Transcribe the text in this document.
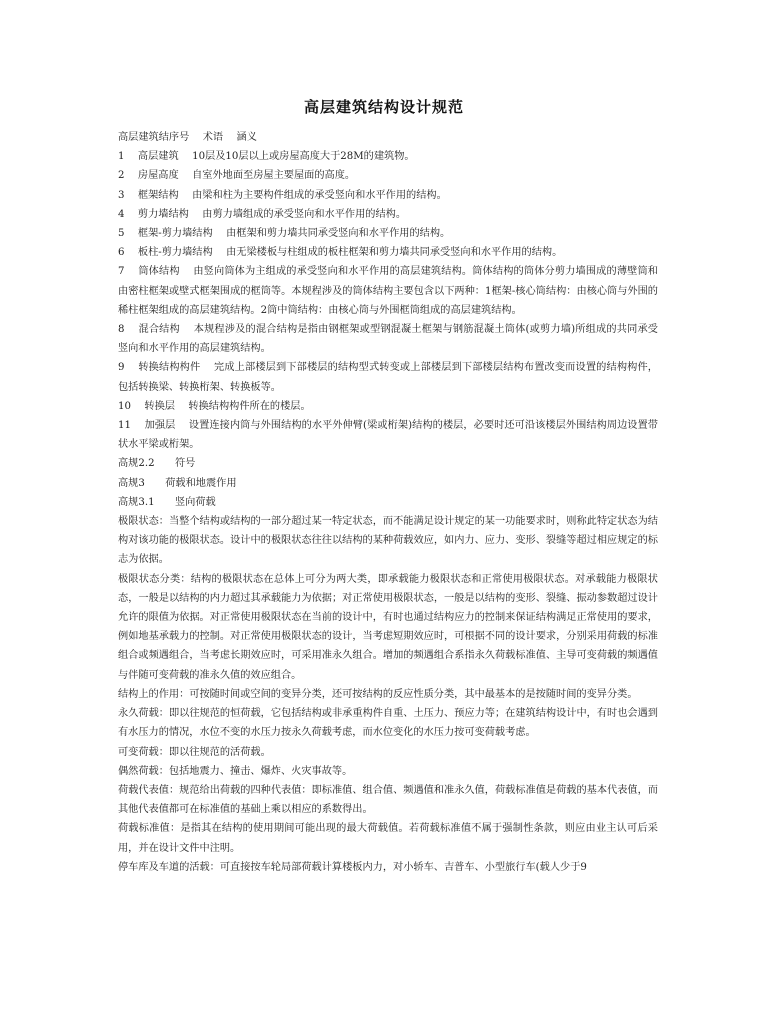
高层建筑结构设计规范

高层建筑结序号　 术语　 涵义

1　 高层建筑　 10层及10层以上或房屋高度大于28M的建筑物。

2　 房屋高度　 自室外地面至房屋主要屋面的高度。

3　 框架结构　 由梁和柱为主要构件组成的承受竖向和水平作用的结构。

4　 剪力墙结构　 由剪力墙组成的承受竖向和水平作用的结构。

5　 框架-剪力墙结构　 由框架和剪力墙共同承受竖向和水平作用的结构。

6　 板柱-剪力墙结构　 由无梁楼板与柱组成的板柱框架和剪力墙共同承受竖向和水平作用的结构。

7　 筒体结构　 由竖向筒体为主组成的承受竖向和水平作用的高层建筑结构。筒体结构的筒体分剪力墙围成的薄壁筒和由密柱框架或壁式框架围成的框筒等。本规程涉及的筒体结构主要包含以下两种：1框架-核心筒结构：由核心筒与外围的稀柱框架组成的高层建筑结构。2筒中筒结构：由核心筒与外围框筒组成的高层建筑结构。

8　 混合结构　 本规程涉及的混合结构是指由钢框架或型钢混凝土框架与钢筋混凝土筒体(或剪力墙)所组成的共同承受竖向和水平作用的高层建筑结构。

9　 转换结构构件　 完成上部楼层到下部楼层的结构型式转变或上部楼层到下部楼层结构布置改变而设置的结构构件，包括转换梁、转换桁架、转换板等。

10　 转换层　 转换结构构件所在的楼层。

11　 加强层　 设置连接内筒与外围结构的水平外伸臂(梁或桁架)结构的楼层，必要时还可沿该楼层外围结构周边设置带状水平梁或桁架。

高规2.2　　符号

高规3　　荷载和地震作用

高规3.1　　竖向荷载

极限状态：当整个结构或结构的一部分超过某一特定状态，而不能满足设计规定的某一功能要求时，则称此特定状态为结构对该功能的极限状态。设计中的极限状态往往以结构的某种荷载效应，如内力、应力、变形、裂缝等超过相应规定的标志为依据。

极限状态分类：结构的极限状态在总体上可分为两大类，即承载能力极限状态和正常使用极限状态。对承载能力极限状态，一般是以结构的内力超过其承载能力为依据；对正常使用极限状态，一般是以结构的变形、裂缝、振动参数超过设计允许的限值为依据。对正常使用极限状态在当前的设计中，有时也通过结构应力的控制来保证结构满足正常使用的要求，例如地基承载力的控制。对正常使用极限状态的设计，当考虑短期效应时，可根据不同的设计要求，分别采用荷载的标准组合或频遇组合，当考虑长期效应时，可采用准永久组合。增加的频遇组合系指永久荷载标准值、主导可变荷载的频遇值与伴随可变荷载的准永久值的效应组合。

结构上的作用：可按随时间或空间的变异分类，还可按结构的反应性质分类，其中最基本的是按随时间的变异分类。

永久荷载：即以往规范的恒荷载，它包括结构或非承重构件自重、土压力、预应力等；在建筑结构设计中，有时也会遇到有水压力的情况，水位不变的水压力按永久荷载考虑，而水位变化的水压力按可变荷载考虑。

可变荷载：即以往规范的活荷载。

偶然荷载：包括地震力、撞击、爆炸、火灾事故等。

荷载代表值：规范给出荷载的四种代表值：即标准值、组合值、频遇值和准永久值，荷载标准值是荷载的基本代表值，而其他代表值都可在标准值的基础上乘以相应的系数得出。

荷载标准值：是指其在结构的使用期间可能出现的最大荷载值。若荷载标准值不属于强制性条款，则应由业主认可后采用，并在设计文件中注明。

停车库及车道的活载：可直接按车轮局部荷载计算楼板内力，对小轿车、吉普车、小型旅行车(载人少于9
